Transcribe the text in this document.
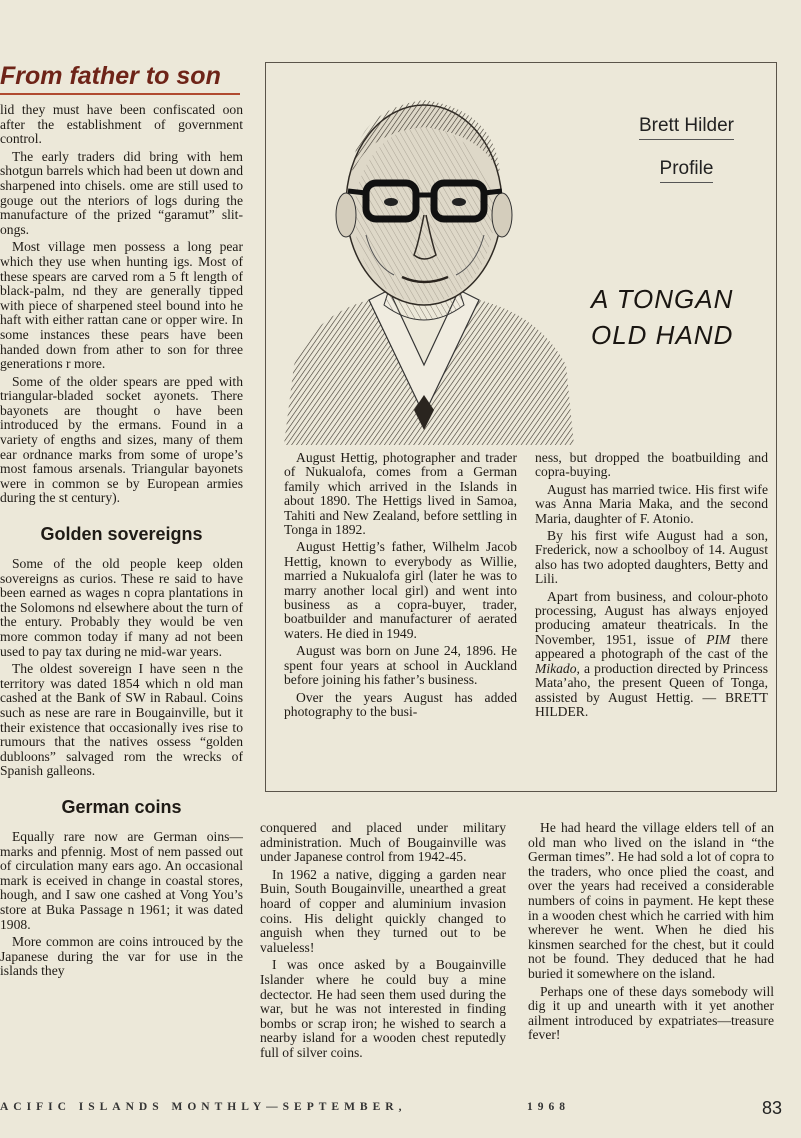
From father to son

lid they must have been confiscated oon after the establishment of government control.

The early traders did bring with hem shotgun barrels which had been ut down and sharpened into chisels. ome are still used to gouge out the nteriors of logs during the manufacture of the prized “garamut” slit-ongs.

Most village men possess a long pear which they use when hunting igs. Most of these spears are carved rom a 5 ft length of black-palm, nd they are generally tipped with piece of sharpened steel bound into he haft with either rattan cane or opper wire. In some instances these pears have been handed down from ather to son for three generations r more.

Some of the older spears are pped with triangular-bladed socket ayonets. There bayonets are thought o have been introduced by the ermans. Found in a variety of engths and sizes, many of them ear ordnance marks from some of urope’s most famous arsenals. Triangular bayonets were in common se by European armies during the st century).

Golden sovereigns

Some of the old people keep olden sovereigns as curios. These re said to have been earned as wages n copra plantations in the Solomons nd elsewhere about the turn of the entury. Probably they would be ven more common today if many ad not been used to pay tax during ne mid-war years.

The oldest sovereign I have seen n the territory was dated 1854 which n old man cashed at the Bank of SW in Rabaul. Coins such as nese are rare in Bougainville, but it their existence that occasionally ives rise to rumours that the natives ossess “golden dubloons” salvaged rom the wrecks of Spanish galleons.

German coins

Equally rare now are German oins—marks and pfennig. Most of nem passed out of circulation many ears ago. An occasional mark is eceived in change in coastal stores, hough, and I saw one cashed at Vong You’s store at Buka Passage n 1961; it was dated 1908.

More common are coins introuced by the Japanese during the var for use in the islands they

Brett Hilder
Profile
A TONGAN
OLD HAND

August Hettig, photographer and trader of Nukualofa, comes from a German family which arrived in the Islands in about 1890. The Hettigs lived in Samoa, Tahiti and New Zealand, before settling in Tonga in 1892.

August Hettig’s father, Wilhelm Jacob Hettig, known to everybody as Willie, married a Nukualofa girl (later he was to marry another local girl) and went into business as a copra-buyer, trader, boatbuilder and manufacturer of aerated waters. He died in 1949.

August was born on June 24, 1896. He spent four years at school in Auckland before joining his father’s business.

Over the years August has added photography to the busi-

ness, but dropped the boatbuilding and copra-buying.

August has married twice. His first wife was Anna Maria Maka, and the second Maria, daughter of F. Atonio.

By his first wife August had a son, Frederick, now a schoolboy of 14. August also has two adopted daughters, Betty and Lili.

Apart from business, and colour-photo processing, August has always enjoyed producing amateur theatricals. In the November, 1951, issue of PIM there appeared a photograph of the cast of the Mikado, a production directed by Princess Mata’aho, the present Queen of Tonga, assisted by August Hettig. — BRETT HILDER.

conquered and placed under military administration. Much of Bougainville was under Japanese control from 1942-45.

In 1962 a native, digging a garden near Buin, South Bougainville, unearthed a great hoard of copper and aluminium invasion coins. His delight quickly changed to anguish when they turned out to be valueless!

I was once asked by a Bougainville Islander where he could buy a mine dectector. He had seen them used during the war, but he was not interested in finding bombs or scrap iron; he wished to search a nearby island for a wooden chest reputedly full of silver coins.

He had heard the village elders tell of an old man who lived on the island in “the German times”. He had sold a lot of copra to the traders, who once plied the coast, and over the years had received a considerable numbers of coins in payment. He kept these in a wooden chest which he carried with him wherever he went. When he died his kinsmen searched for the chest, but it could not be found. They deduced that he had buried it somewhere on the island.

Perhaps one of these days somebody will dig it up and unearth with it yet another ailment introduced by expatriates—treasure fever!

ACIFIC ISLANDS MONTHLY—SEPTEMBER,	1968	83
